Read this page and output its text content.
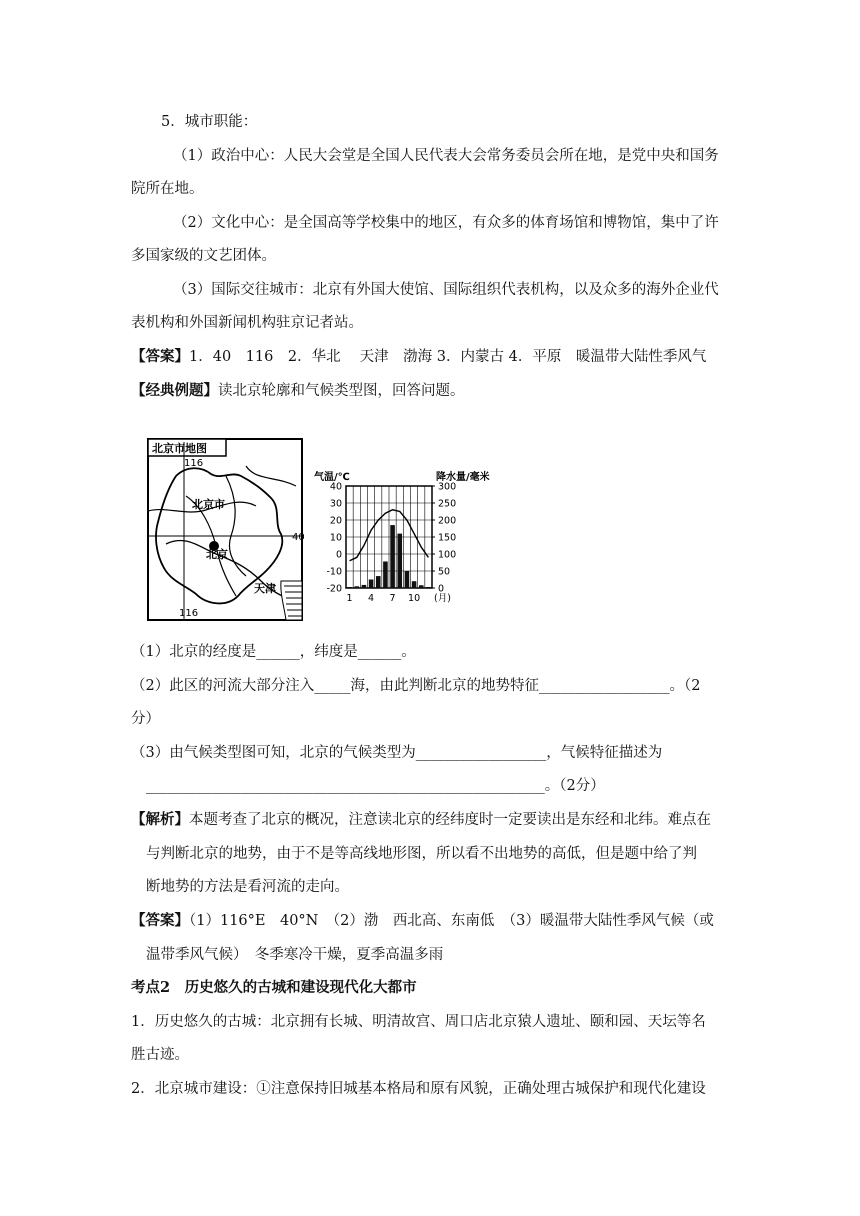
5．城市职能：
（1）政治中心：人民大会堂是全国人民代表大会常务委员会所在地，是党中央和国务
院所在地。
（2）文化中心：是全国高等学校集中的地区，有众多的体育场馆和博物馆，集中了许
多国家级的文艺团体。
（3）国际交往城市：北京有外国大使馆、国际组织代表机构，以及众多的海外企业代
表机构和外国新闻机构驻京记者站。
【答案】1．40　116　2．华北　 天津　渤海 3．内蒙古 4．平原　暖温带大陆性季风气
【经典例题】读北京轮廓和气候类型图，回答问题。
北京市地图
116
116
40
北京市
北京
天津
气温/℃	降水量/毫米
40
30
20
10
0
-10
-20
300
250
200
150
100
50
0
1 4 7 10 (月)
（1）北京的经度是______，纬度是______。
（2）此区的河流大部分注入_____海，由此判断北京的地势特征__________________。（2
分）
（3）由气候类型图可知，北京的气候类型为__________________，气候特征描述为
_______________________________________________________。（2分）
【解析】本题考查了北京的概况，注意读北京的经纬度时一定要读出是东经和北纬。难点在
与判断北京的地势，由于不是等高线地形图，所以看不出地势的高低，但是题中给了判
断地势的方法是看河流的走向。
【答案】（1）116°E　40°N　（2）渤　西北高、东南低　（3）暖温带大陆性季风气候（或
温带季风气候）　冬季寒冷干燥，夏季高温多雨
考点2　历史悠久的古城和建设现代化大都市
1．历史悠久的古城：北京拥有长城、明清故宫、周口店北京猿人遗址、颐和园、天坛等名
胜古迹。
2．北京城市建设：①注意保持旧城基本格局和原有风貌，正确处理古城保护和现代化建设
